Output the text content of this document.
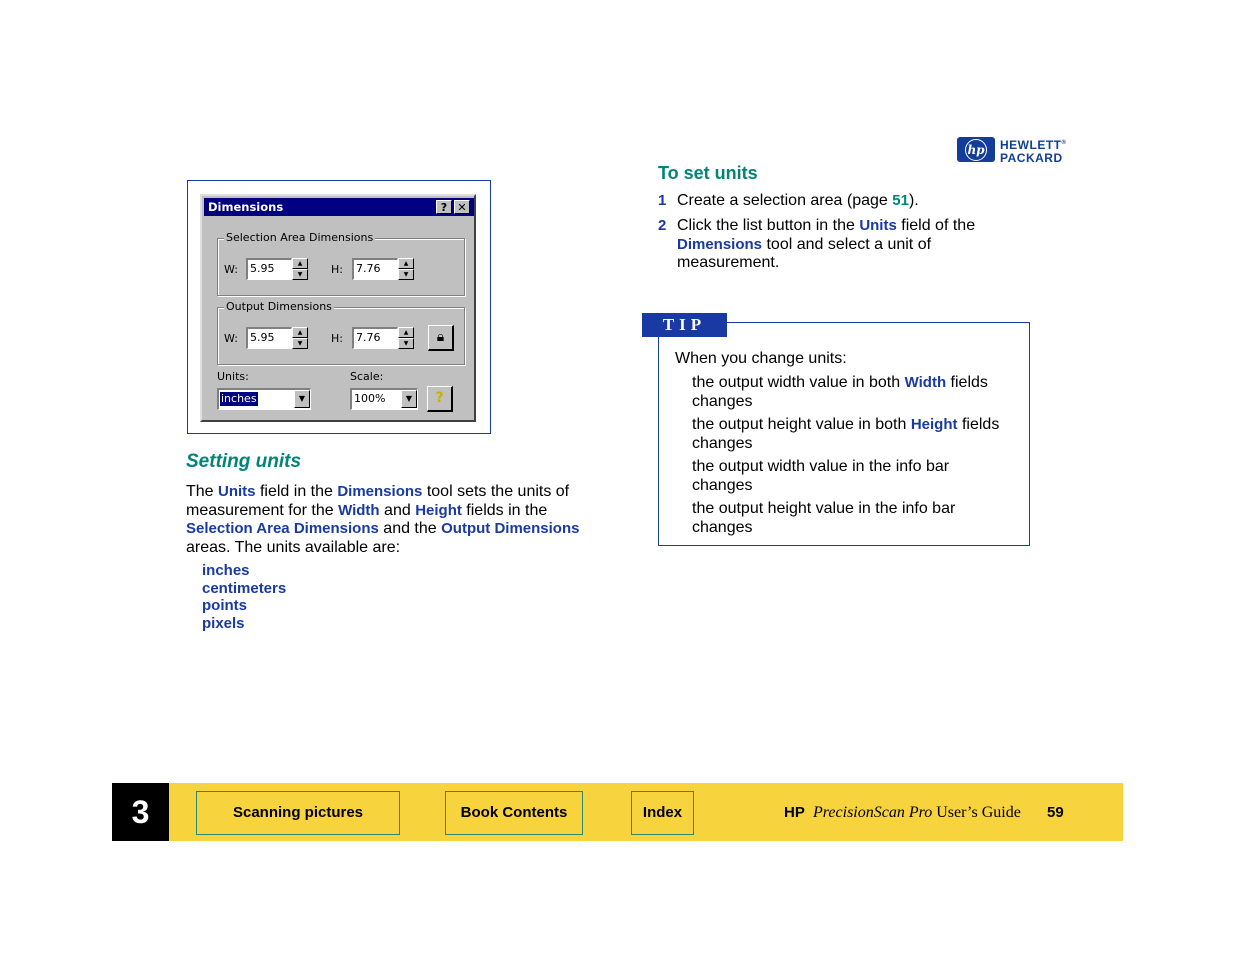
hp HEWLETT®
PACKARD
Dimensions	? ✕
Selection Area Dimensions
W:	5.95	▲
▼	H:	7.76	▲
▼
Output Dimensions
W:	5.95	▲
▼	H:	7.76	▲
▼	🔒︎
Units:
inches	▼
Scale:
100%	▼	?
Setting units
The Units field in the Dimensions tool sets the units of measurement for the Width and Height fields in the Selection Area Dimensions and the Output Dimensions areas. The units available are:
inches
centimeters
points
pixels
To set units
1 Create a selection area (page 51).
2 Click the list button in the Units field of the Dimensions tool and select a unit of measurement.
TIP
When you change units:
the output width value in both Width fields changes
the output height value in both Height fields changes
the output width value in the info bar changes
the output height value in the info bar changes
3	Scanning pictures	Book Contents	Index	HP PrecisionScan Pro User’s Guide 59
